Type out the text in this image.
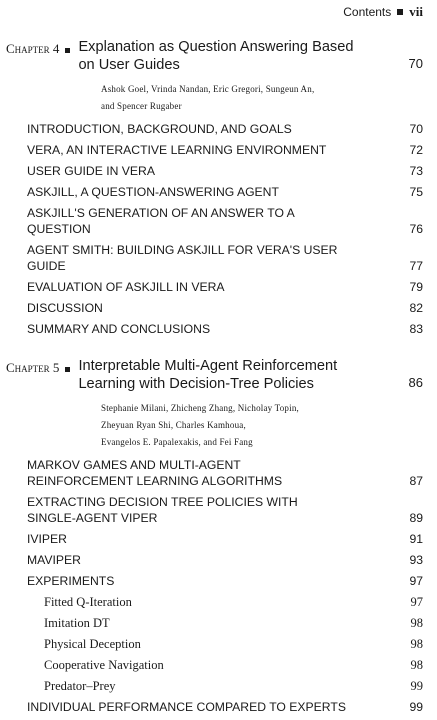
Contents vii
Chapter 4 Explanation as Question Answering Based
on User Guides	70
Ashok Goel, Vrinda Nandan, Eric Gregori, Sungeun An,
and Spencer Rugaber
INTRODUCTION, BACKGROUND, AND GOALS	70
VERA, AN INTERACTIVE LEARNING ENVIRONMENT	72
USER GUIDE IN VERA	73
ASKJILL, A QUESTION-ANSWERING AGENT	75
ASKJILL'S GENERATION OF AN ANSWER TO A
QUESTION	76
AGENT SMITH: BUILDING ASKJILL FOR VERA'S USER
GUIDE	77
EVALUATION OF ASKJILL IN VERA	79
DISCUSSION	82
SUMMARY AND CONCLUSIONS	83
Chapter 5 Interpretable Multi-Agent Reinforcement
Learning with Decision-Tree Policies	86
Stephanie Milani, Zhicheng Zhang, Nicholay Topin,
Zheyuan Ryan Shi, Charles Kamhoua,
Evangelos E. Papalexakis, and Fei Fang
MARKOV GAMES AND MULTI-AGENT
REINFORCEMENT LEARNING ALGORITHMS	87
EXTRACTING DECISION TREE POLICIES WITH
SINGLE-AGENT VIPER	89
IVIPER	91
MAVIPER	93
EXPERIMENTS	97
Fitted Q-Iteration	97
Imitation DT	98
Physical Deception	98
Cooperative Navigation	98
Predator–Prey	99
INDIVIDUAL PERFORMANCE COMPARED TO EXPERTS	99
